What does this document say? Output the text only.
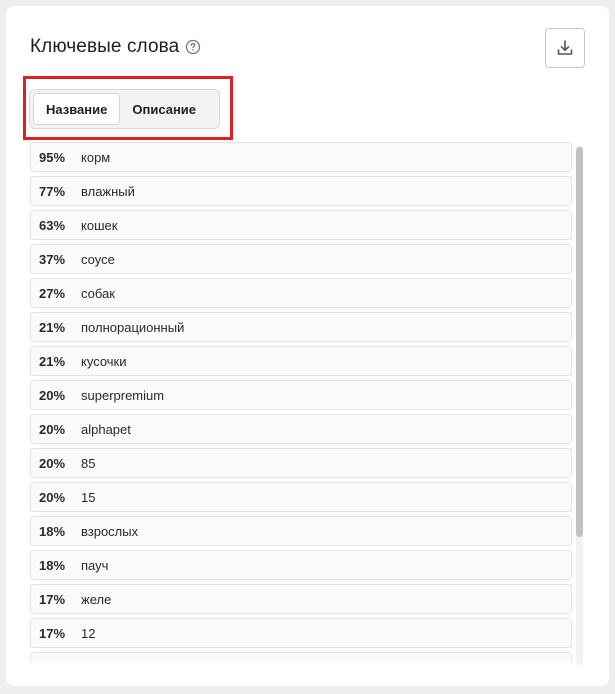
Ключевые слова
Название	Описание
95%	корм
77%	влажный
63%	кошек
37%	соусе
27%	собак
21%	полнорационный
21%	кусочки
20%	superpremium
20%	alphapet
20%	85
20%	15
18%	взрослых
18%	пауч
17%	желе
17%	12
